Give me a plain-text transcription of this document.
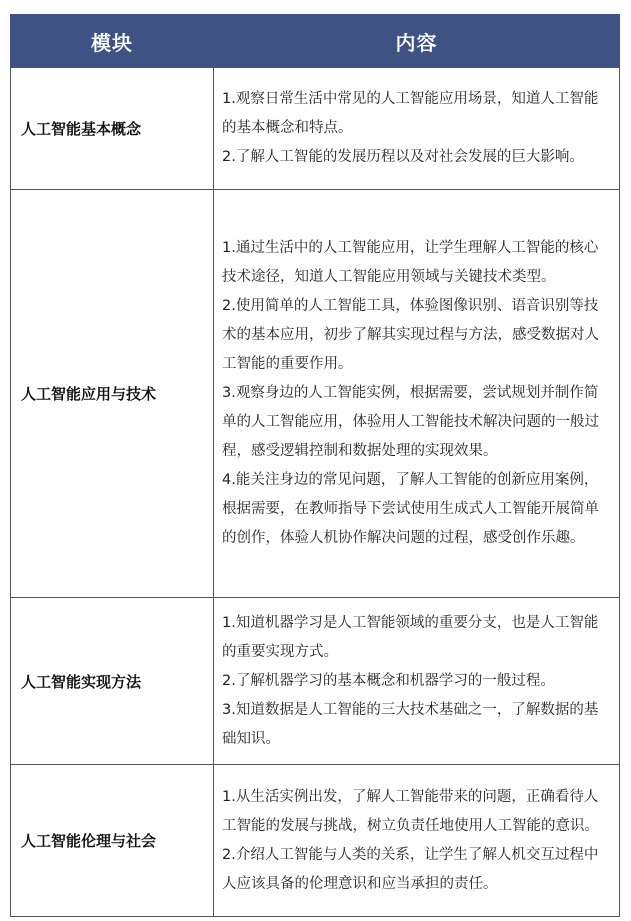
模块	内容
人工智能基本概念	1.观察日常生活中常见的人工智能应用场景，知道人工智能的基本概念和特点。
2.了解人工智能的发展历程以及对社会发展的巨大影响。

人工智能应用与技术	1.通过生活中的人工智能应用，让学生理解人工智能的核心技术途径，知道人工智能应用领域与关键技术类型。
2.使用简单的人工智能工具，体验图像识别、语音识别等技术的基本应用，初步了解其实现过程与方法，感受数据对人工智能的重要作用。
3.观察身边的人工智能实例，根据需要，尝试规划并制作简单的人工智能应用，体验用人工智能技术解决问题的一般过程，感受逻辑控制和数据处理的实现效果。
4.能关注身边的常见问题，了解人工智能的创新应用案例，根据需要，在教师指导下尝试使用生成式人工智能开展简单的创作，体验人机协作解决问题的过程，感受创作乐趣。

人工智能实现方法	1.知道机器学习是人工智能领域的重要分支，也是人工智能的重要实现方式。
2.了解机器学习的基本概念和机器学习的一般过程。
3.知道数据是人工智能的三大技术基础之一，了解数据的基础知识。

人工智能伦理与社会	1.从生活实例出发，了解人工智能带来的问题，正确看待人工智能的发展与挑战，树立负责任地使用人工智能的意识。
2.介绍人工智能与人类的关系，让学生了解人机交互过程中人应该具备的伦理意识和应当承担的责任。
